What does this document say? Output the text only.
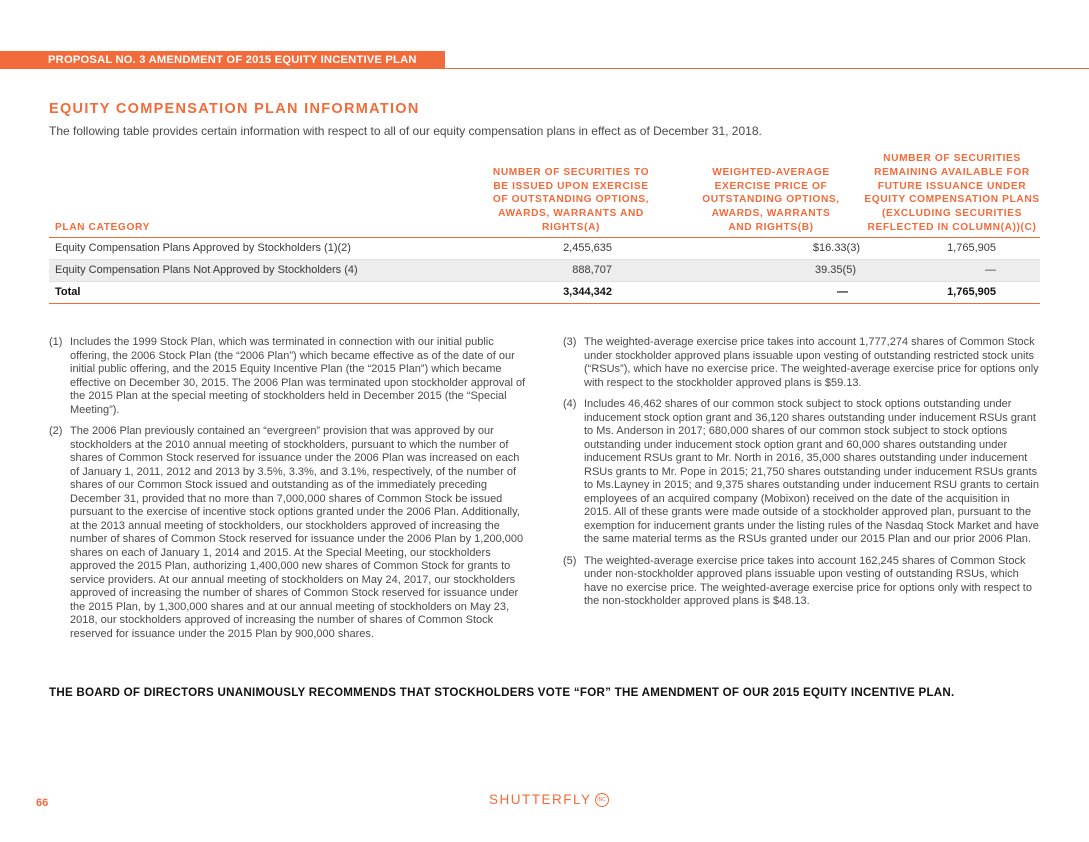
PROPOSAL NO. 3 AMENDMENT OF 2015 EQUITY INCENTIVE PLAN
EQUITY COMPENSATION PLAN INFORMATION

The following table provides certain information with respect to all of our equity compensation plans in effect as of December 31, 2018.

PLAN CATEGORY	NUMBER OF SECURITIES TO BE ISSUED UPON EXERCISE OF OUTSTANDING OPTIONS, AWARDS, WARRANTS AND RIGHTS(A)	WEIGHTED-AVERAGE EXERCISE PRICE OF OUTSTANDING OPTIONS, AWARDS, WARRANTS AND RIGHTS(B)	NUMBER OF SECURITIES REMAINING AVAILABLE FOR FUTURE ISSUANCE UNDER EQUITY COMPENSATION PLANS (EXCLUDING SECURITIES REFLECTED IN COLUMN(A))(C)
Equity Compensation Plans Approved by Stockholders (1)(2)	2,455,635	$16.33(3)	1,765,905
Equity Compensation Plans Not Approved by Stockholders (4)	888,707	39.35(5)	—
Total	3,344,342	—	1,765,905
(1) Includes the 1999 Stock Plan, which was terminated in connection with our initial public offering, the 2006 Stock Plan (the “2006 Plan”) which became effective as of the date of our initial public offering, and the 2015 Equity Incentive Plan (the “2015 Plan”) which became effective on December 30, 2015. The 2006 Plan was terminated upon stockholder approval of the 2015 Plan at the special meeting of stockholders held in December 2015 (the “Special Meeting”).
(2) The 2006 Plan previously contained an “evergreen” provision that was approved by our stockholders at the 2010 annual meeting of stockholders, pursuant to which the number of shares of Common Stock reserved for issuance under the 2006 Plan was increased on each of January 1, 2011, 2012 and 2013 by 3.5%, 3.3%, and 3.1%, respectively, of the number of shares of our Common Stock issued and outstanding as of the immediately preceding December 31, provided that no more than 7,000,000 shares of Common Stock be issued pursuant to the exercise of incentive stock options granted under the 2006 Plan. Additionally, at the 2013 annual meeting of stockholders, our stockholders approved of increasing the number of shares of Common Stock reserved for issuance under the 2006 Plan by 1,200,000 shares on each of January 1, 2014 and 2015. At the Special Meeting, our stockholders approved the 2015 Plan, authorizing 1,400,000 new shares of Common Stock for grants to service providers. At our annual meeting of stockholders on May 24, 2017, our stockholders approved of increasing the number of shares of Common Stock reserved for issuance under the 2015 Plan, by 1,300,000 shares and at our annual meeting of stockholders on May 23, 2018, our stockholders approved of increasing the number of shares of Common Stock reserved for issuance under the 2015 Plan by 900,000 shares.
(3) The weighted-average exercise price takes into account 1,777,274 shares of Common Stock under stockholder approved plans issuable upon vesting of outstanding restricted stock units (“RSUs”), which have no exercise price. The weighted-average exercise price for options only with respect to the stockholder approved plans is $59.13.
(4) Includes 46,462 shares of our common stock subject to stock options outstanding under inducement stock option grant and 36,120 shares outstanding under inducement RSUs grant to Ms. Anderson in 2017; 680,000 shares of our common stock subject to stock options outstanding under inducement stock option grant and 60,000 shares outstanding under inducement RSUs grant to Mr. North in 2016, 35,000 shares outstanding under inducement RSUs grants to Mr. Pope in 2015; 21,750 shares outstanding under inducement RSUs grants to Ms.Layney in 2015; and 9,375 shares outstanding under inducement RSU grants to certain employees of an acquired company (Mobixon) received on the date of the acquisition in 2015. All of these grants were made outside of a stockholder approved plan, pursuant to the exemption for inducement grants under the listing rules of the Nasdaq Stock Market and have the same material terms as the RSUs granted under our 2015 Plan and our prior 2006 Plan.
(5) The weighted-average exercise price takes into account 162,245 shares of Common Stock under non-stockholder approved plans issuable upon vesting of outstanding RSUs, which have no exercise price. The weighted-average exercise price for options only with respect to the non-stockholder approved plans is $48.13.

THE BOARD OF DIRECTORS UNANIMOUSLY RECOMMENDS THAT STOCKHOLDERS VOTE “FOR” THE AMENDMENT OF OUR 2015 EQUITY INCENTIVE PLAN.

66	SHUTTERFLY	INC
